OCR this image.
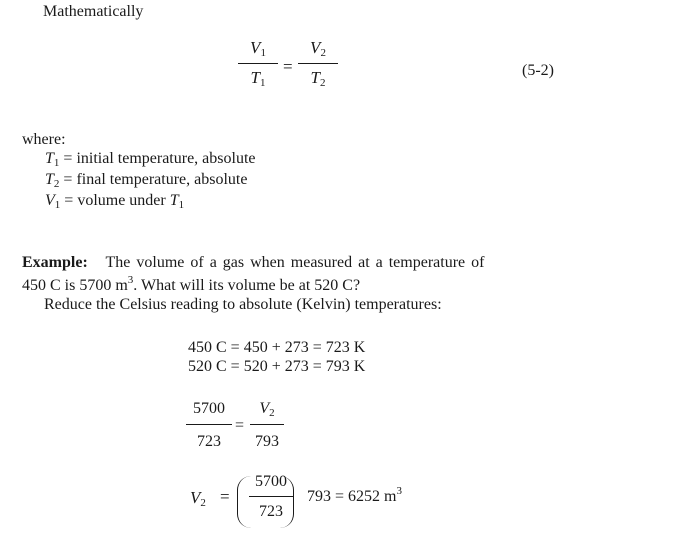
Mathematically
$V_1$
$T_1$
=
$V_2$
$T_2$
(5-2)
where:
$T_1$ = initial temperature, absolute
$T_2$ = final temperature, absolute
$V_1$ = volume under $T_1$
Example: The volume of a gas when measured at a temperature of
450 C is 5700 $m^3$. What will its volume be at 520 C?
Reduce the Celsius reading to absolute (Kelvin) temperatures:
450 C = 450 + 273 = 723 K
520 C = 520 + 273 = 793 K
5700
723
=
$V_2$
793
$V_2$ =
5700
723
793 = 6252 $m^3$
